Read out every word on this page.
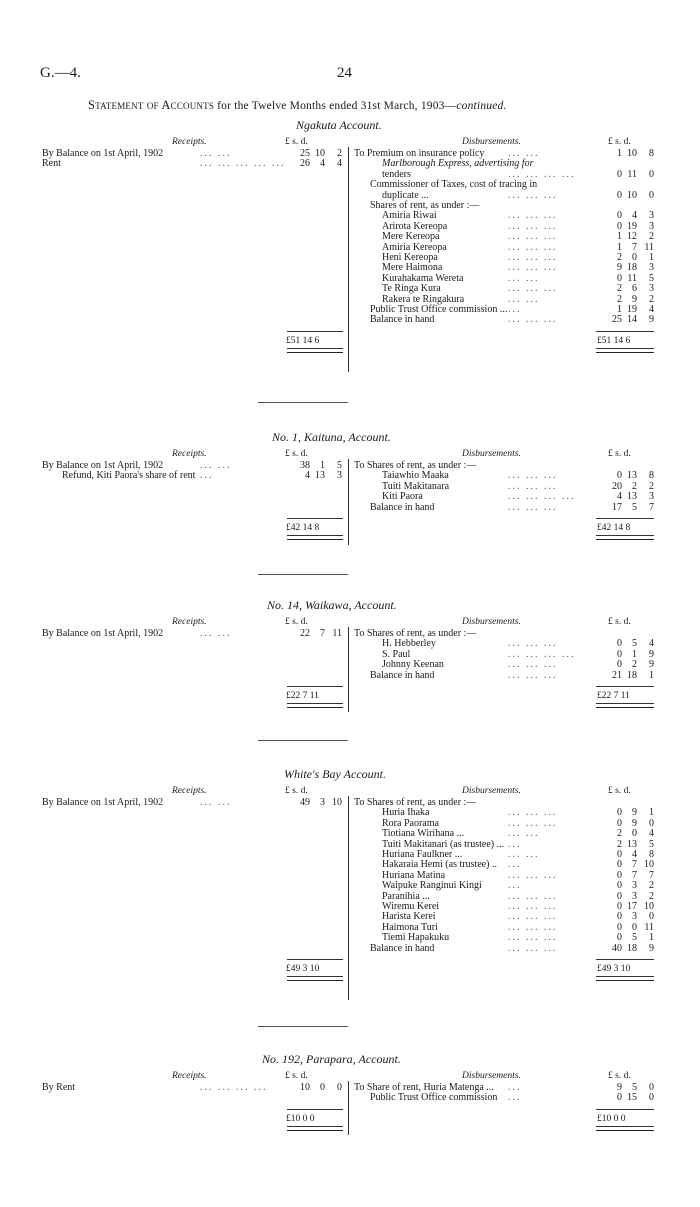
G.—4.	24
Statement of Accounts for the Twelve Months ended 31st March, 1903—continued.
Ngakuta Account.
Receipts.	£ s. d.	Disbursements.	£ s. d.
By Balance on 1st April, 1902	... ...	25 10 2
Rent	... ... ... ... ...	26 4 4
To Premium on insurance policy ... ...	1 10 8
Marlborough Express, advertising for
tenders	... ... ... ...	0 11 0
Commissioner of Taxes, cost of tracing in
duplicate ...	... ... ...	0 10 0
Shares of rent, as under :—
Amiria Riwai	... ... ...	0 4 3
Arirota Kereopa	... ... ...	0 19 3
Mere Kereopa	... ... ...	1 12 2
Amiria Kereopa	... ... ...	1 7 11
Heni Kereopa	... ... ...	2 0 1
Mere Haimona	... ... ...	9 18 3
Kurahakama Wereta	... ...	0 11 5
Te Ringa Kura	... ... ...	2 6 3
Rakera te Ringakura	... ...	2 9 2
Public Trust Office commission ... ...	1 19 4
Balance in hand	... ... ...	25 14 9
£51 14 6	£51 14 6
No. 1, Kaituna, Account.
Receipts.	£ s. d.	Disbursements.	£ s. d.
By Balance on 1st April, 1902	... ...	38 1 5
Refund, Kiti Paora's share of rent ...	4 13 3
To Shares of rent, as under :—
Taiawhio Maaka	... ... ...	0 13 8
Tuiti Makitanara	... ... ...	20 2 2
Kiti Paora	... ... ... ...	4 13 3
Balance in hand	... ... ...	17 5 7
£42 14 8	£42 14 8
No. 14, Waikawa, Account.
Receipts.	£ s. d.	Disbursements.	£ s. d.
By Balance on 1st April, 1902	... ...	22 7 11 To Shares of rent, as under :—
H. Hebberley	... ... ...	0 5 4
S. Paul	... ... ... ...	0 1 9
Johnny Keenan	... ... ...	0 2 9
Balance in hand	... ... ...	21 18 1
£22 7 11	£22 7 11
White's Bay Account.
Receipts.	£ s. d.	Disbursements.	£ s. d.
By Balance on 1st April, 1902	... ...	49 3 10 To Shares of rent, as under :—
Huria Ihaka	... ... ...	0 9 1
Rora Paorama	... ... ...	0 9 0
Tiotiana Wirihana ...	... ...	2 0 4
Tuiti Makitanari (as trustee) ... ...	2 13 5
Huriana Faulkner ...	... ...	0 4 8
Hakaraia Hemi (as trustee) .. ...	0 7 10
Huriana Matina	... ... ...	0 7 7
Waipuke Ranginui Kingi	...	0 3 2
Paranihia ...	... ... ...	0 3 2
Wiremu Kerei	... ... ...	0 17 10
Harista Kerei	... ... ...	0 3 0
Haimona Turi	... ... ...	0 0 11
Tiemi Hapakuku	... ... ...	0 5 1
Balance in hand	... ... ...	40 18 9
£49 3 10	£49 3 10
No. 192, Parapara, Account.
Receipts.	£ s. d.	Disbursements.	£ s. d.
By Rent	... ... ... ...	10 0 0 To Share of rent, Huria Matenga ... ...	9 5 0
Public Trust Office commission ...	0 15 0
£10 0 0	£10 0 0
